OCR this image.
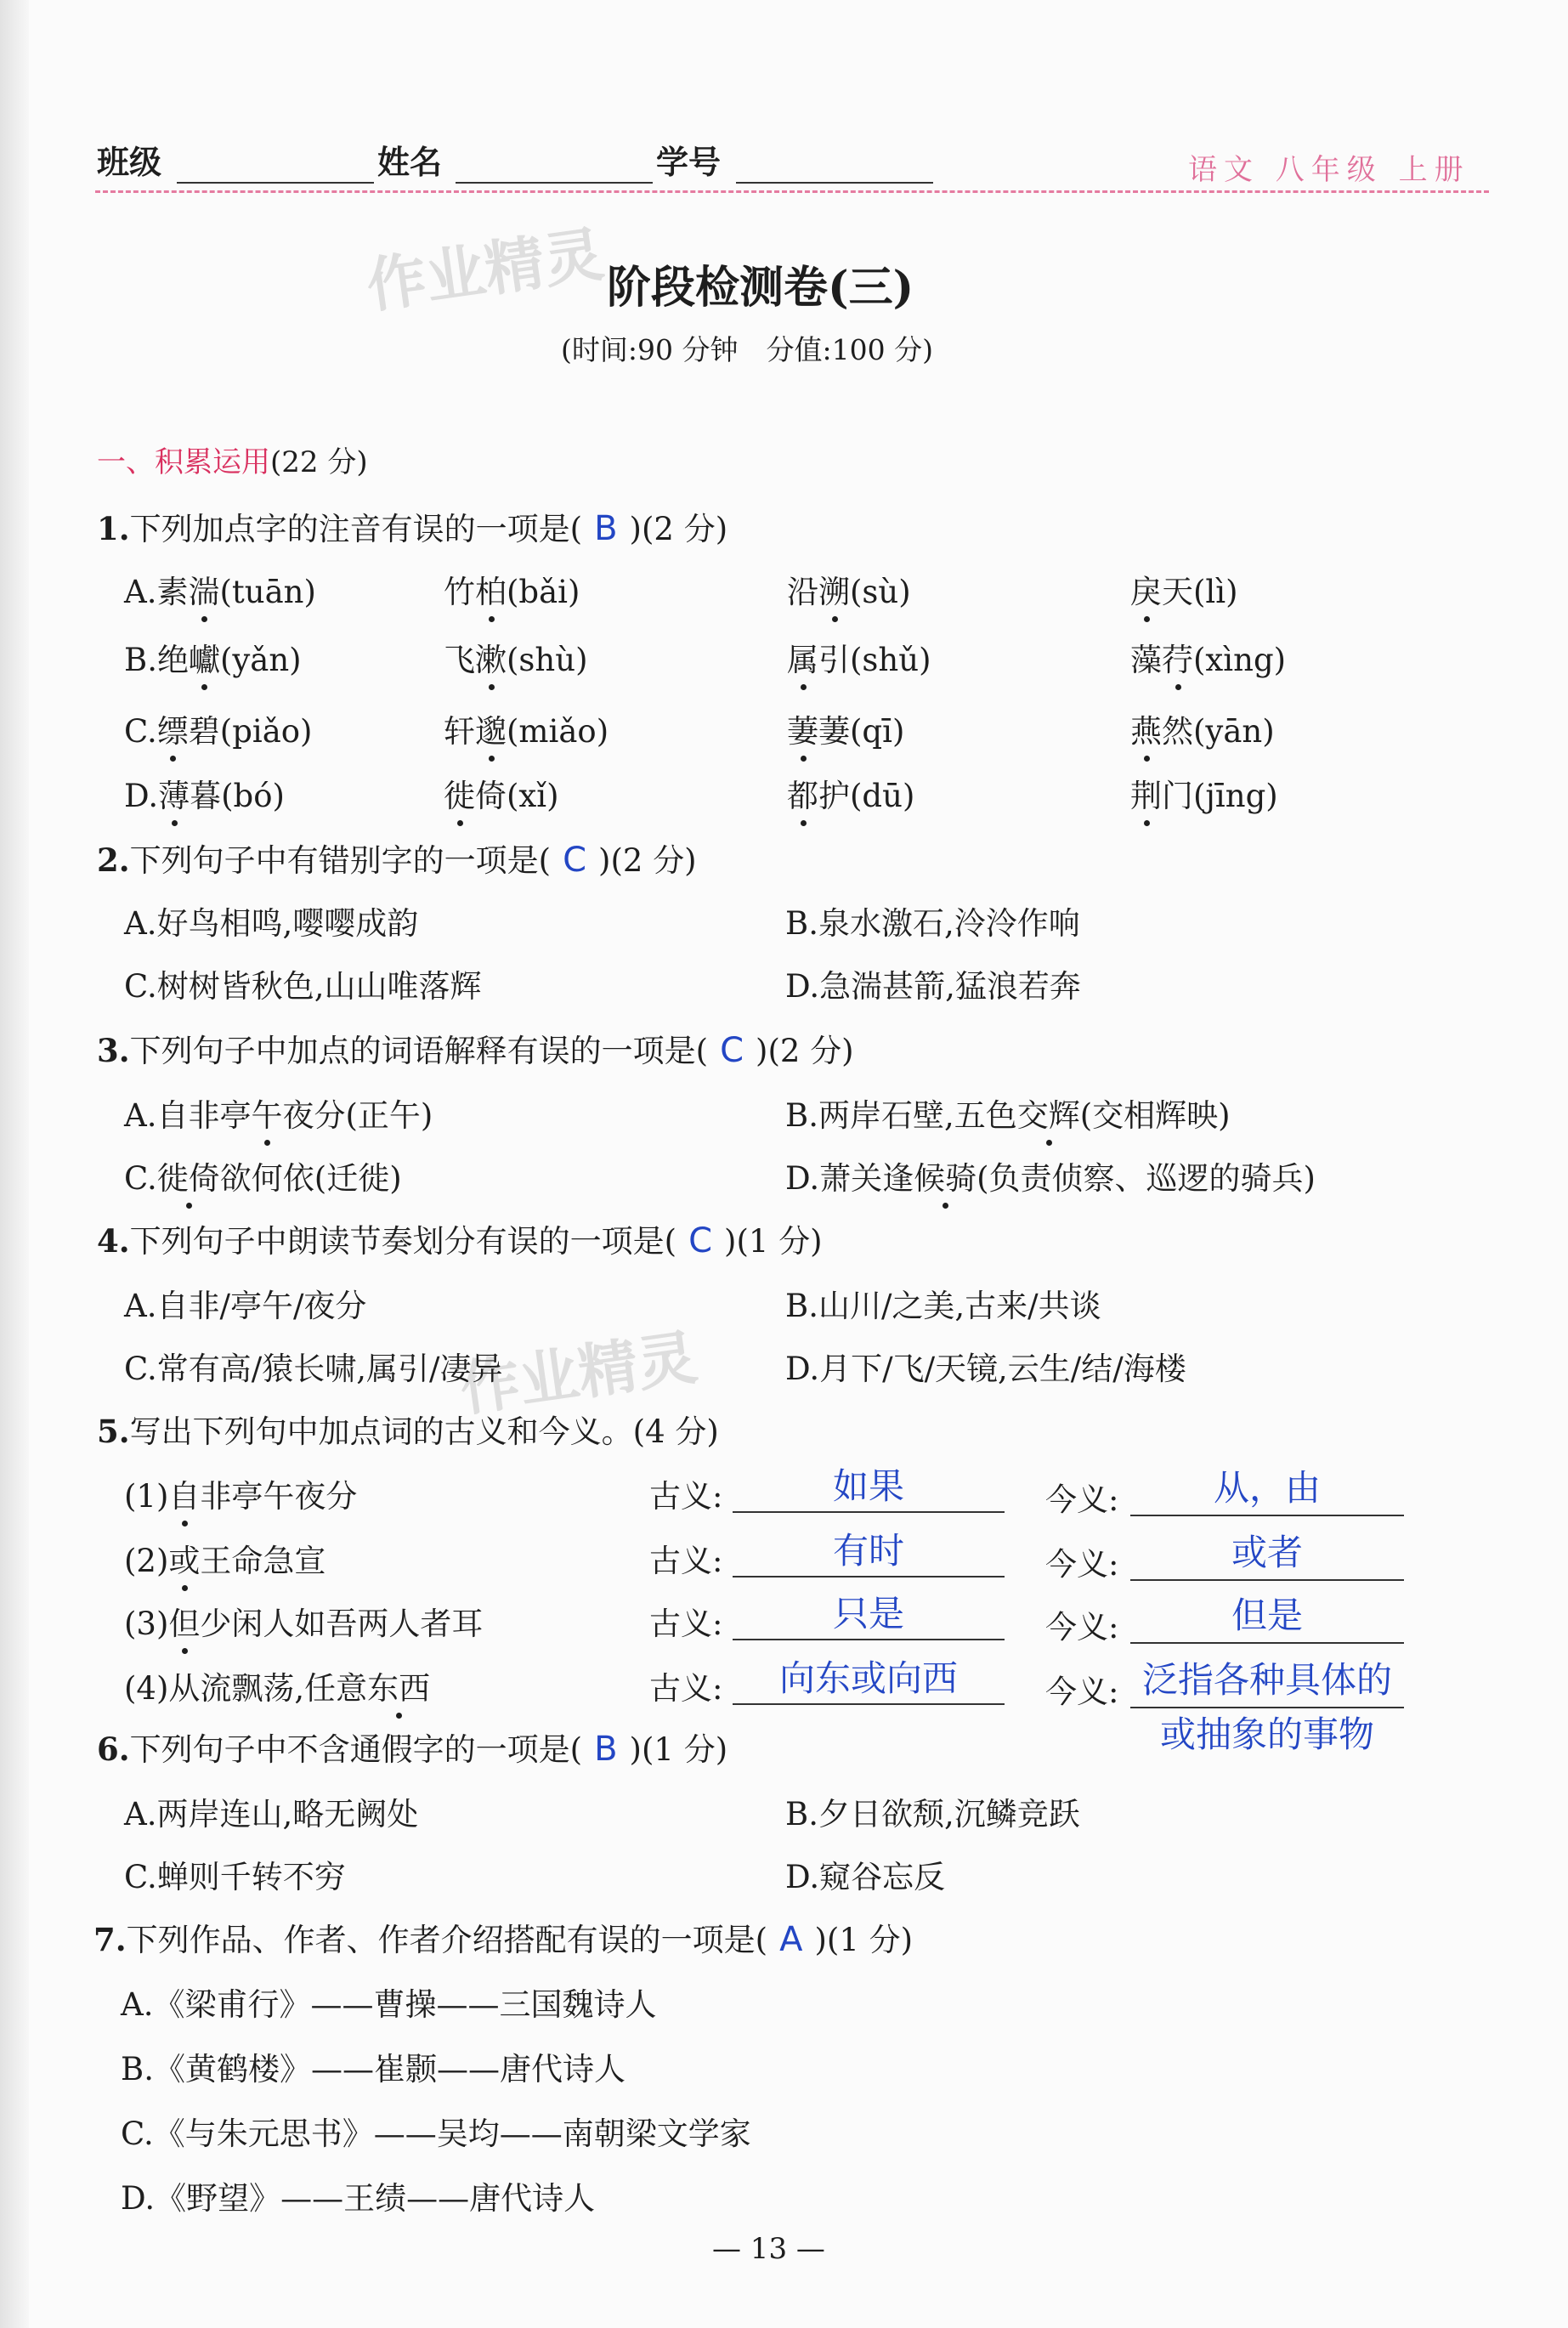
班级	姓名	学号	语文 八年级 上册
作业精灵
作业精灵
阶段检测卷(三)
(时间:90 分钟　分值:100 分)
一、积累运用(22 分)
1.下列加点字的注音有误的一项是( B )(2 分)
A.素湍(tuān)	竹柏(bǎi)	沿溯(sù)	戾天(lì)
B.绝巘(yǎn)	飞漱(shù)	属引(shǔ)	藻荇(xìng)
C.缥碧(piǎo)	轩邈(miǎo)	萋萋(qī)	燕然(yān)
D.薄暮(bó)	徙倚(xǐ)	都护(dū)	荆门(jīng)
2.下列句子中有错别字的一项是( C )(2 分)
A.好鸟相鸣,嘤嘤成韵	B.泉水激石,泠泠作响
C.树树皆秋色,山山唯落辉	D.急湍甚箭,猛浪若奔
3.下列句子中加点的词语解释有误的一项是( C )(2 分)
A.自非亭午夜分(正午)	B.两岸石壁,五色交辉(交相辉映)
C.徙倚欲何依(迁徙)	D.萧关逢候骑(负责侦察、巡逻的骑兵)
4.下列句子中朗读节奏划分有误的一项是( C )(1 分)
A.自非/亭午/夜分	B.山川/之美,古来/共谈
C.常有高/猿长啸,属引/凄异	D.月下/飞/天镜,云生/结/海楼
5.写出下列句中加点词的古义和今义。(4 分)
(1)自非亭午夜分	古义:	如果	今义:	从，由
(2)或王命急宣	古义:	有时	今义:	或者
(3)但少闲人如吾两人者耳	古义:	只是	今义:	但是
(4)从流飘荡,任意东西	古义:	向东或向西	今义: 泛指各种具体的
或抽象的事物
6.下列句子中不含通假字的一项是( B )(1 分)
A.两岸连山,略无阙处	B.夕日欲颓,沉鳞竞跃
C.蝉则千转不穷	D.窥谷忘反
7.下列作品、作者、作者介绍搭配有误的一项是( A )(1 分)
A.《梁甫行》——曹操——三国魏诗人
B.《黄鹤楼》——崔颢——唐代诗人
C.《与朱元思书》——吴均——南朝梁文学家
D.《野望》——王绩——唐代诗人
— 13 —
